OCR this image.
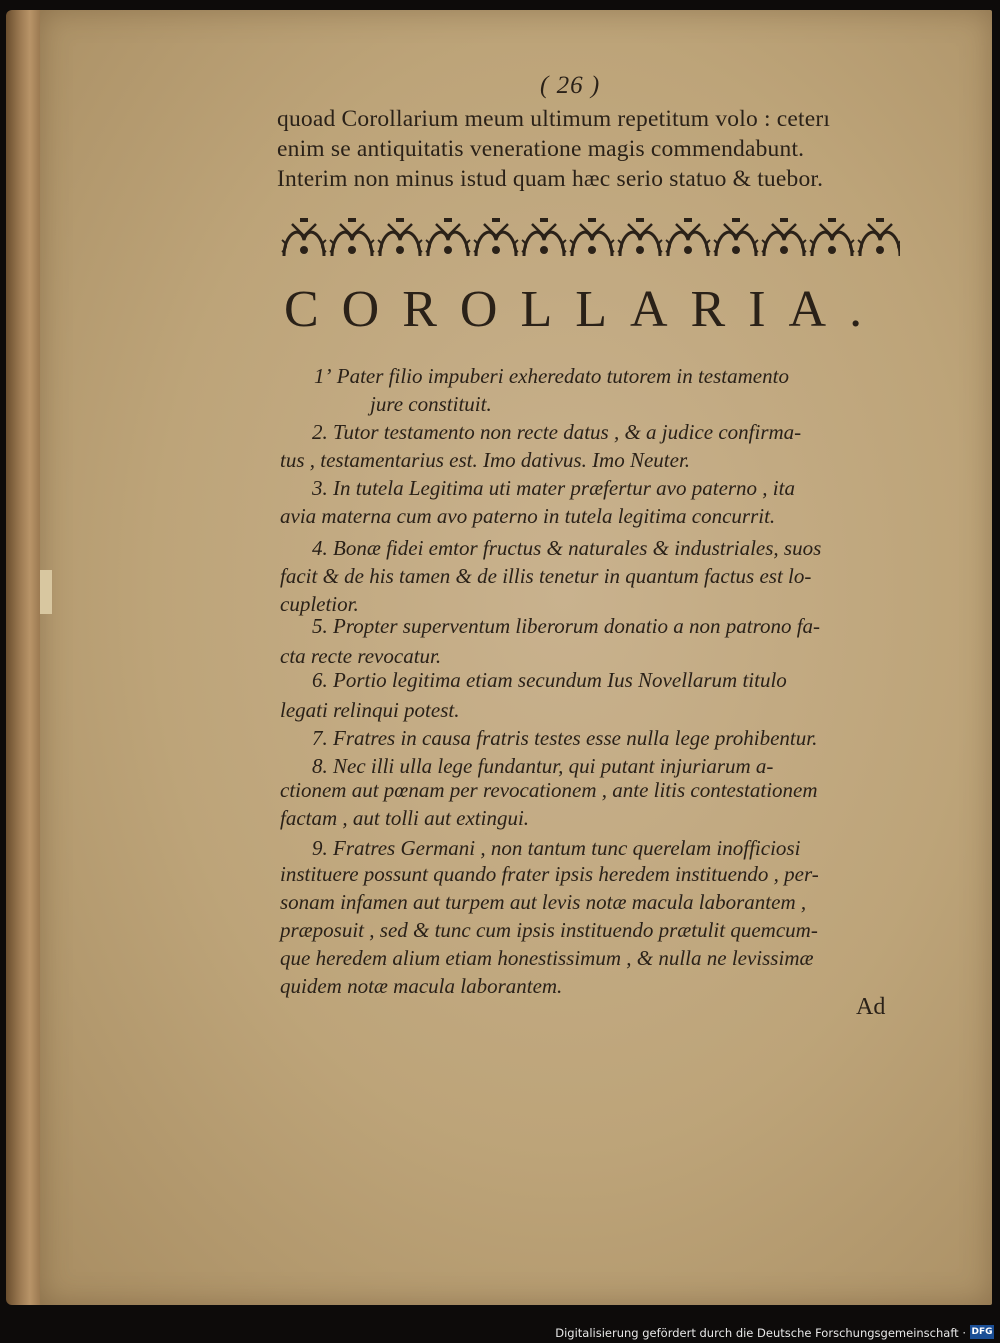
( 26 )
quoad Corollarium meum ultimum repetitum volo : ceterı
enim se antiquitatis veneratione magis commendabunt.
Interim non minus istud quam hæc serio statuo & tuebor.
COROLLARIA.
1ʼ Pater filio impuberi exheredato tutorem in testamento
jure constituit.
2. Tutor testamento non recte datus , & a judice confirma-
tus , testamentarius est. Imo dativus. Imo Neuter.
3. In tutela Legitima uti mater præfertur avo paterno , ita
avia materna cum avo paterno in tutela legitima concurrit.
4. Bonæ fidei emtor fructus & naturales & industriales, suos
facit & de his tamen & de illis tenetur in quantum factus est lo-
cupletior.
5. Propter superventum liberorum donatio a non patrono fa-
cta recte revocatur.
6. Portio legitima etiam secundum Ius Novellarum titulo
legati relinqui potest.
7. Fratres in causa fratris testes esse nulla lege prohibentur.
8. Nec illi ulla lege fundantur, qui putant injuriarum a-
ctionem aut pœnam per revocationem , ante litis contestationem
factam , aut tolli aut extingui.
9. Fratres Germani , non tantum tunc querelam inofficiosi
instituere possunt quando frater ipsis heredem instituendo , per-
sonam infamen aut turpem aut levis notæ macula laborantem ,
præposuit , sed & tunc cum ipsis instituendo prætulit quemcum-
que heredem alium etiam honestissimum , & nulla ne levissimæ
quidem notæ macula laborantem.
Ad
Digitalisierung gefördert durch die Deutsche Forschungsgemeinschaft · DFG
